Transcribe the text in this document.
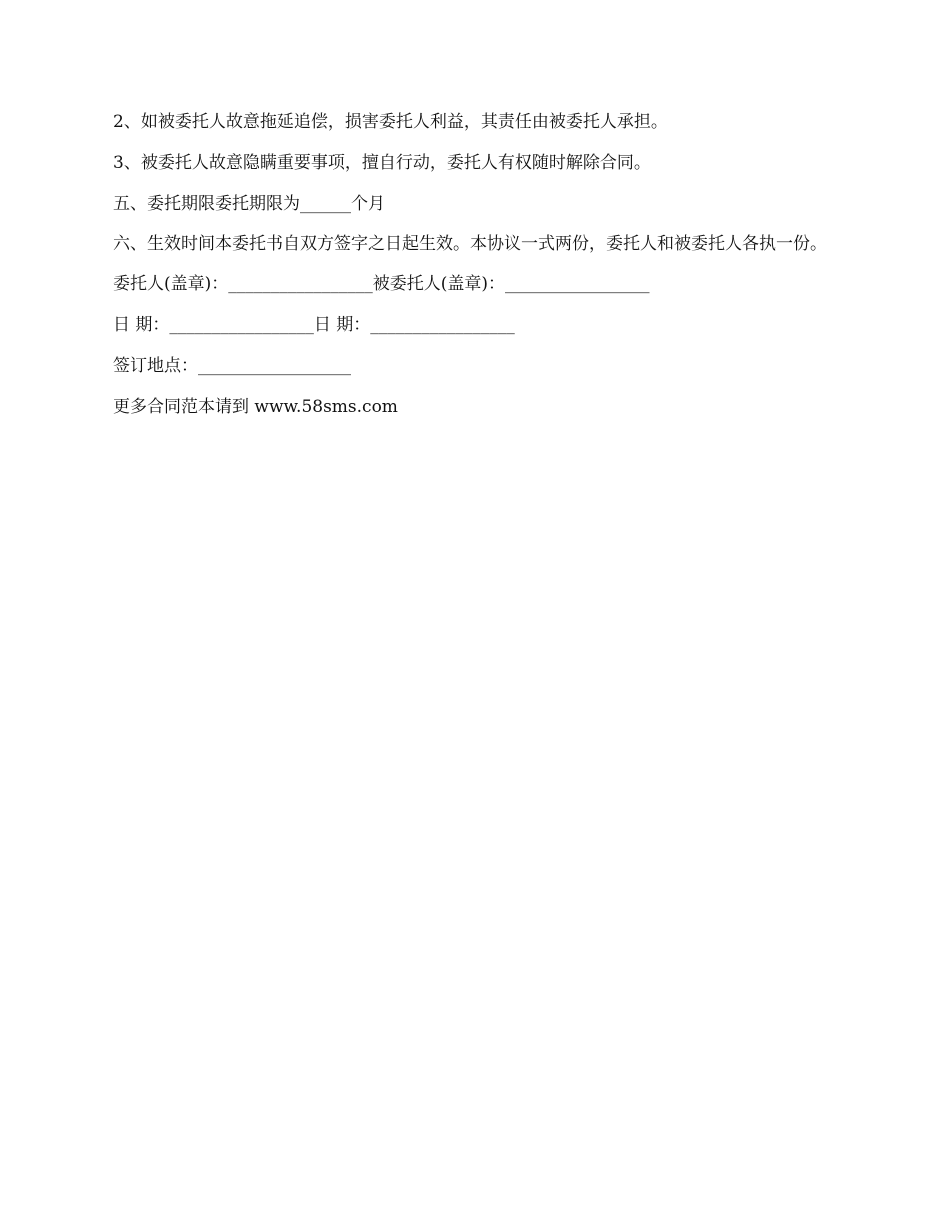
2、如被委托人故意拖延追偿，损害委托人利益，其责任由被委托人承担。

3、被委托人故意隐瞒重要事项，擅自行动，委托人有权随时解除合同。

五、委托期限委托期限为______个月

六、生效时间本委托书自双方签字之日起生效。本协议一式两份，委托人和被委托人各执一份。

委托人(盖章)：_________________被委托人(盖章)：_________________

日 期：_________________日 期：_________________

签订地点：__________________

更多合同范本请到 www.58sms.com
